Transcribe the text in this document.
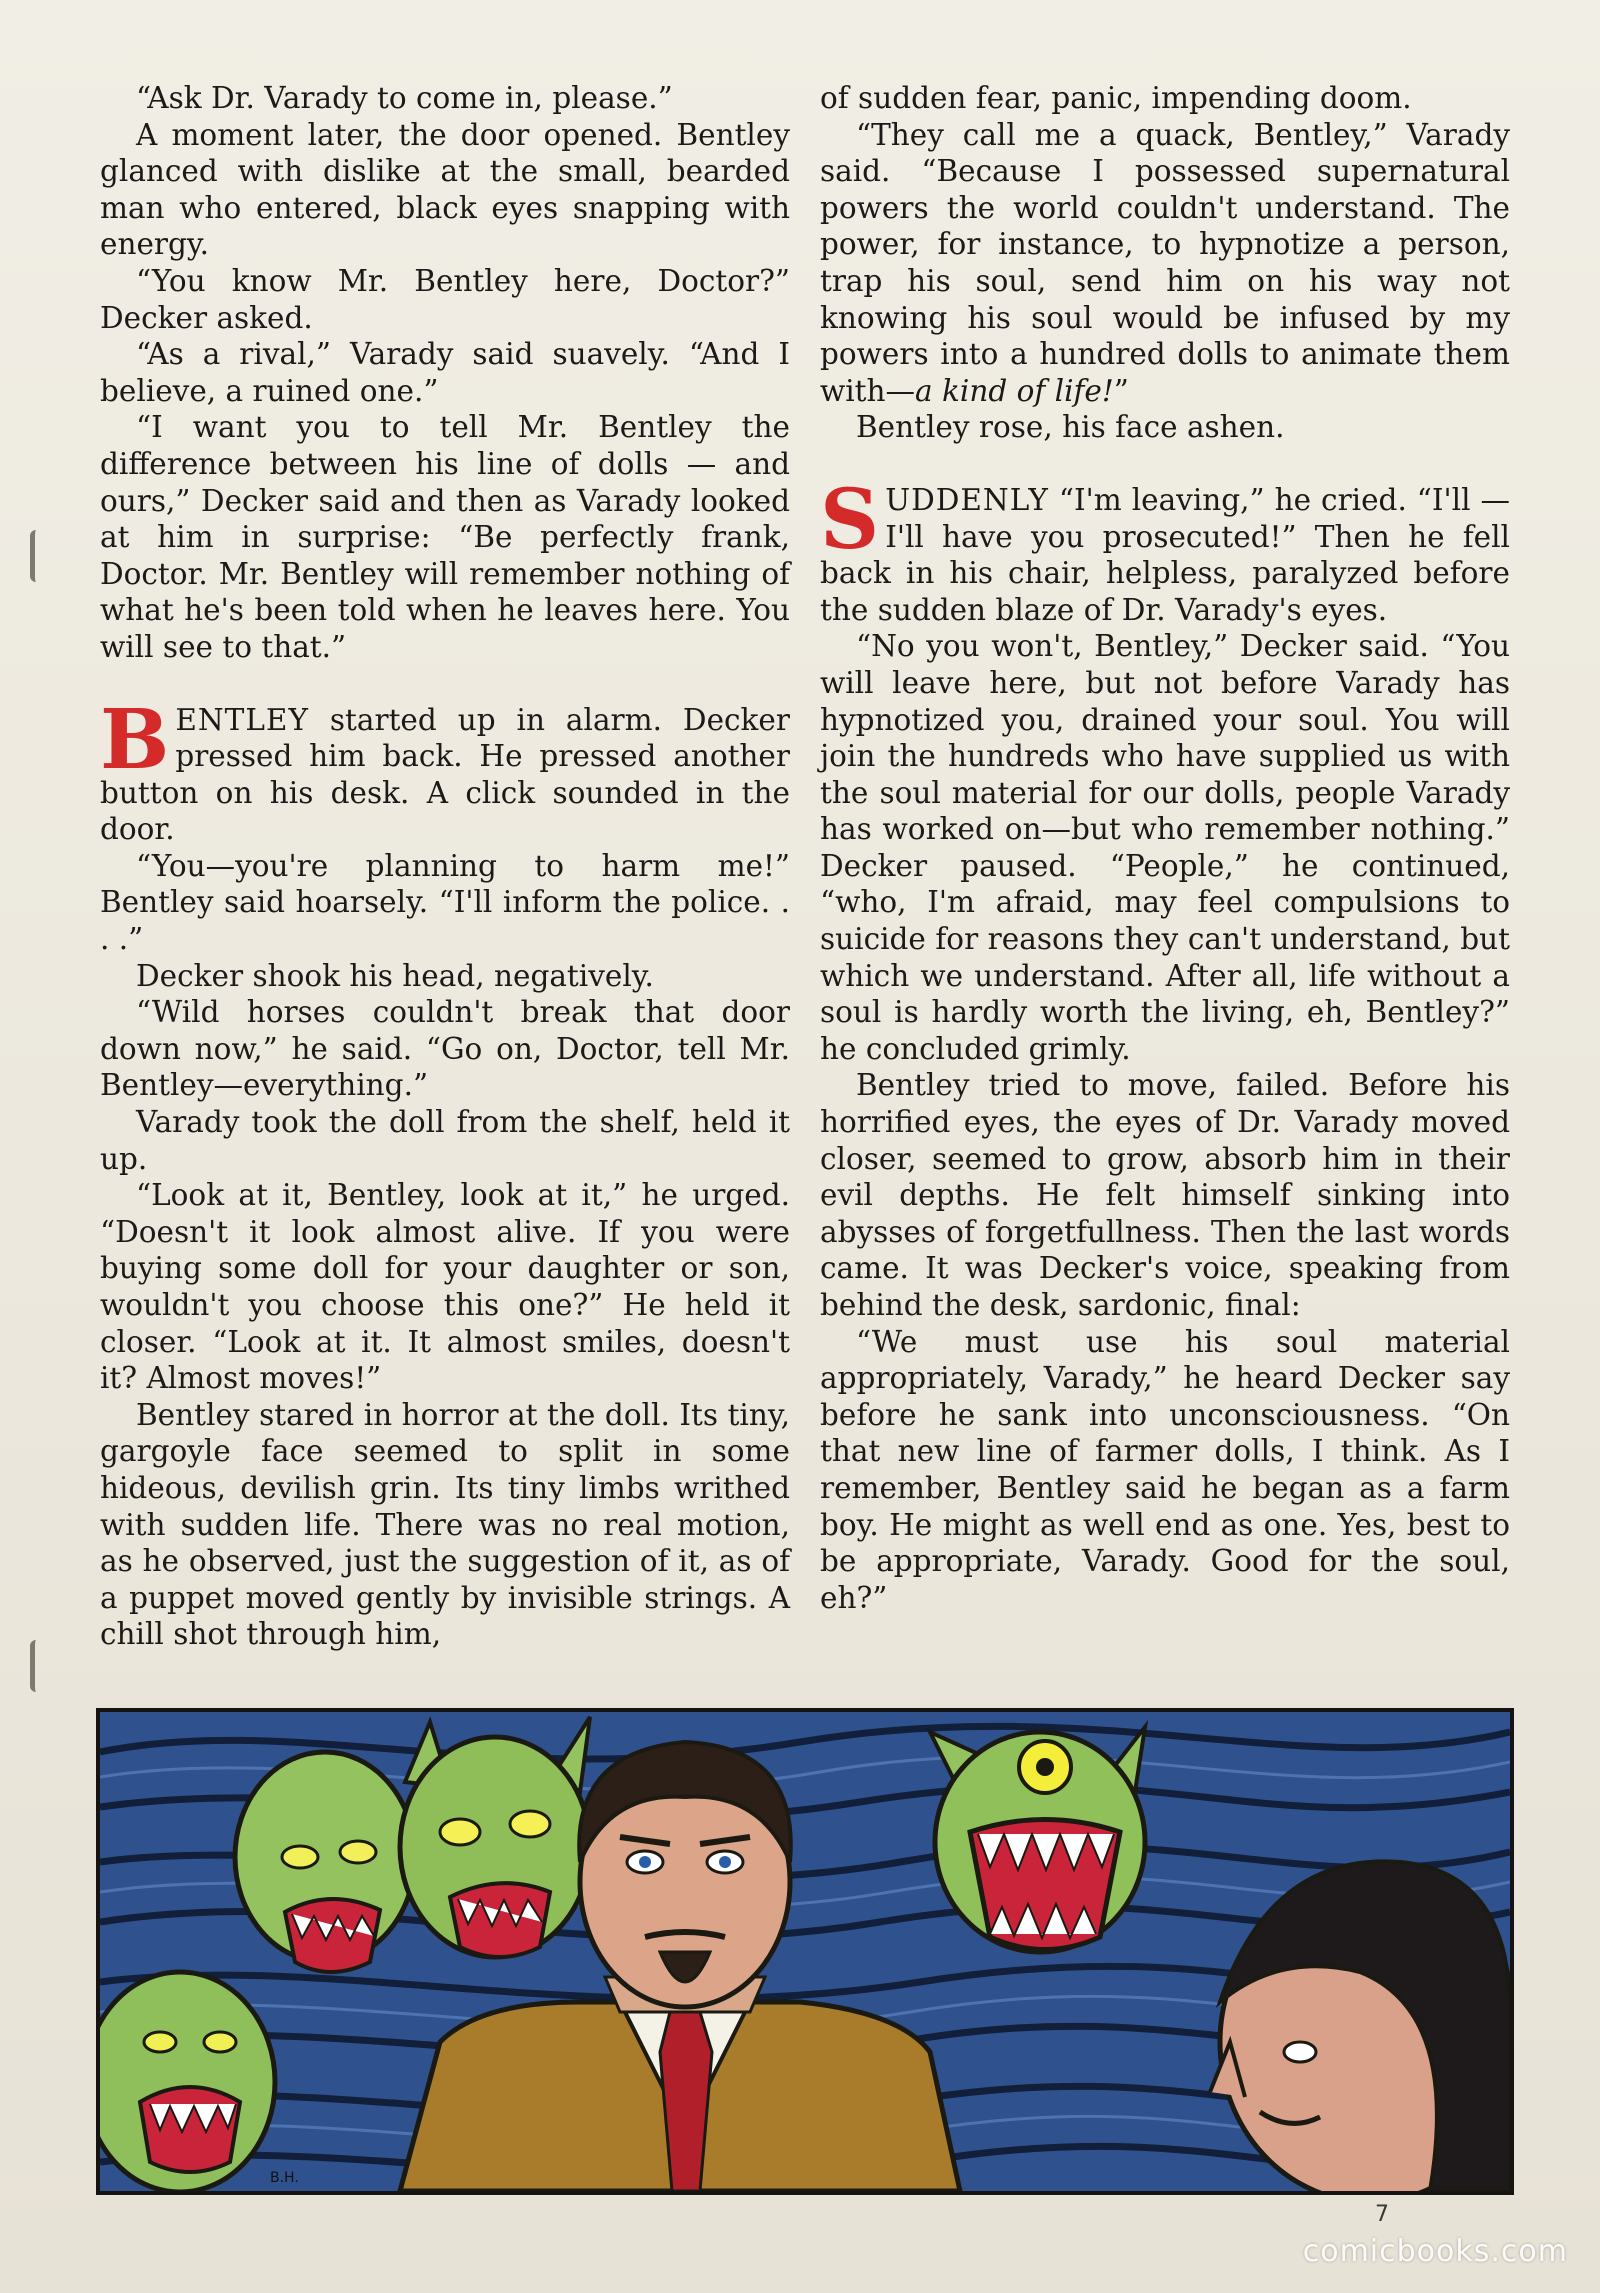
“Ask Dr. Varady to come in, please.”

A moment later, the door opened. Bentley glanced with dislike at the small, bearded man who entered, black eyes snapping with energy.

“You know Mr. Bentley here, Doctor?” Decker asked.

“As a rival,” Varady said suavely. “And I believe, a ruined one.”

“I want you to tell Mr. Bentley the difference between his line of dolls — and ours,” Decker said and then as Varady looked at him in surprise: “Be perfectly frank, Doctor. Mr. Bentley will remember nothing of what he's been told when he leaves here. You will see to that.”

BENTLEY started up in alarm. Decker pressed him back. He pressed another button on his desk. A click sounded in the door.

“You—you're planning to harm me!” Bentley said hoarsely. “I'll inform the police. . . .”

Decker shook his head, negatively.

“Wild horses couldn't break that door down now,” he said. “Go on, Doctor, tell Mr. Bentley—everything.”

Varady took the doll from the shelf, held it up.

“Look at it, Bentley, look at it,” he urged. “Doesn't it look almost alive. If you were buying some doll for your daughter or son, wouldn't you choose this one?” He held it closer. “Look at it. It almost smiles, doesn't it? Almost moves!”

Bentley stared in horror at the doll. Its tiny, gargoyle face seemed to split in some hideous, devilish grin. Its tiny limbs writhed with sudden life. There was no real motion, as he observed, just the suggestion of it, as of a puppet moved gently by invisible strings. A chill shot through him,

of sudden fear, panic, impending doom.

“They call me a quack, Bentley,” Varady said. “Because I possessed supernatural powers the world couldn't understand. The power, for instance, to hypnotize a person, trap his soul, send him on his way not knowing his soul would be infused by my powers into a hundred dolls to animate them with—a kind of life!”

Bentley rose, his face ashen.

SUDDENLY “I'm leaving,” he cried. “I'll —I'll have you prosecuted!” Then he fell back in his chair, helpless, paralyzed before the sudden blaze of Dr. Varady's eyes.

“No you won't, Bentley,” Decker said. “You will leave here, but not before Varady has hypnotized you, drained your soul. You will join the hundreds who have supplied us with the soul material for our dolls, people Varady has worked on—but who remember nothing.” Decker paused. “People,” he continued, “who, I'm afraid, may feel compulsions to suicide for reasons they can't understand, but which we understand. After all, life without a soul is hardly worth the living, eh, Bentley?” he concluded grimly.

Bentley tried to move, failed. Before his horrified eyes, the eyes of Dr. Varady moved closer, seemed to grow, absorb him in their evil depths. He felt himself sinking into abysses of forgetfullness. Then the last words came. It was Decker's voice, speaking from behind the desk, sardonic, final:

“We must use his soul material appropriately, Varady,” he heard Decker say before he sank into unconsciousness. “On that new line of farmer dolls, I think. As I remember, Bentley said he began as a farm boy. He might as well end as one. Yes, best to be appropriate, Varady. Good for the soul, eh?”

B.H.
7
comicbooks.com
